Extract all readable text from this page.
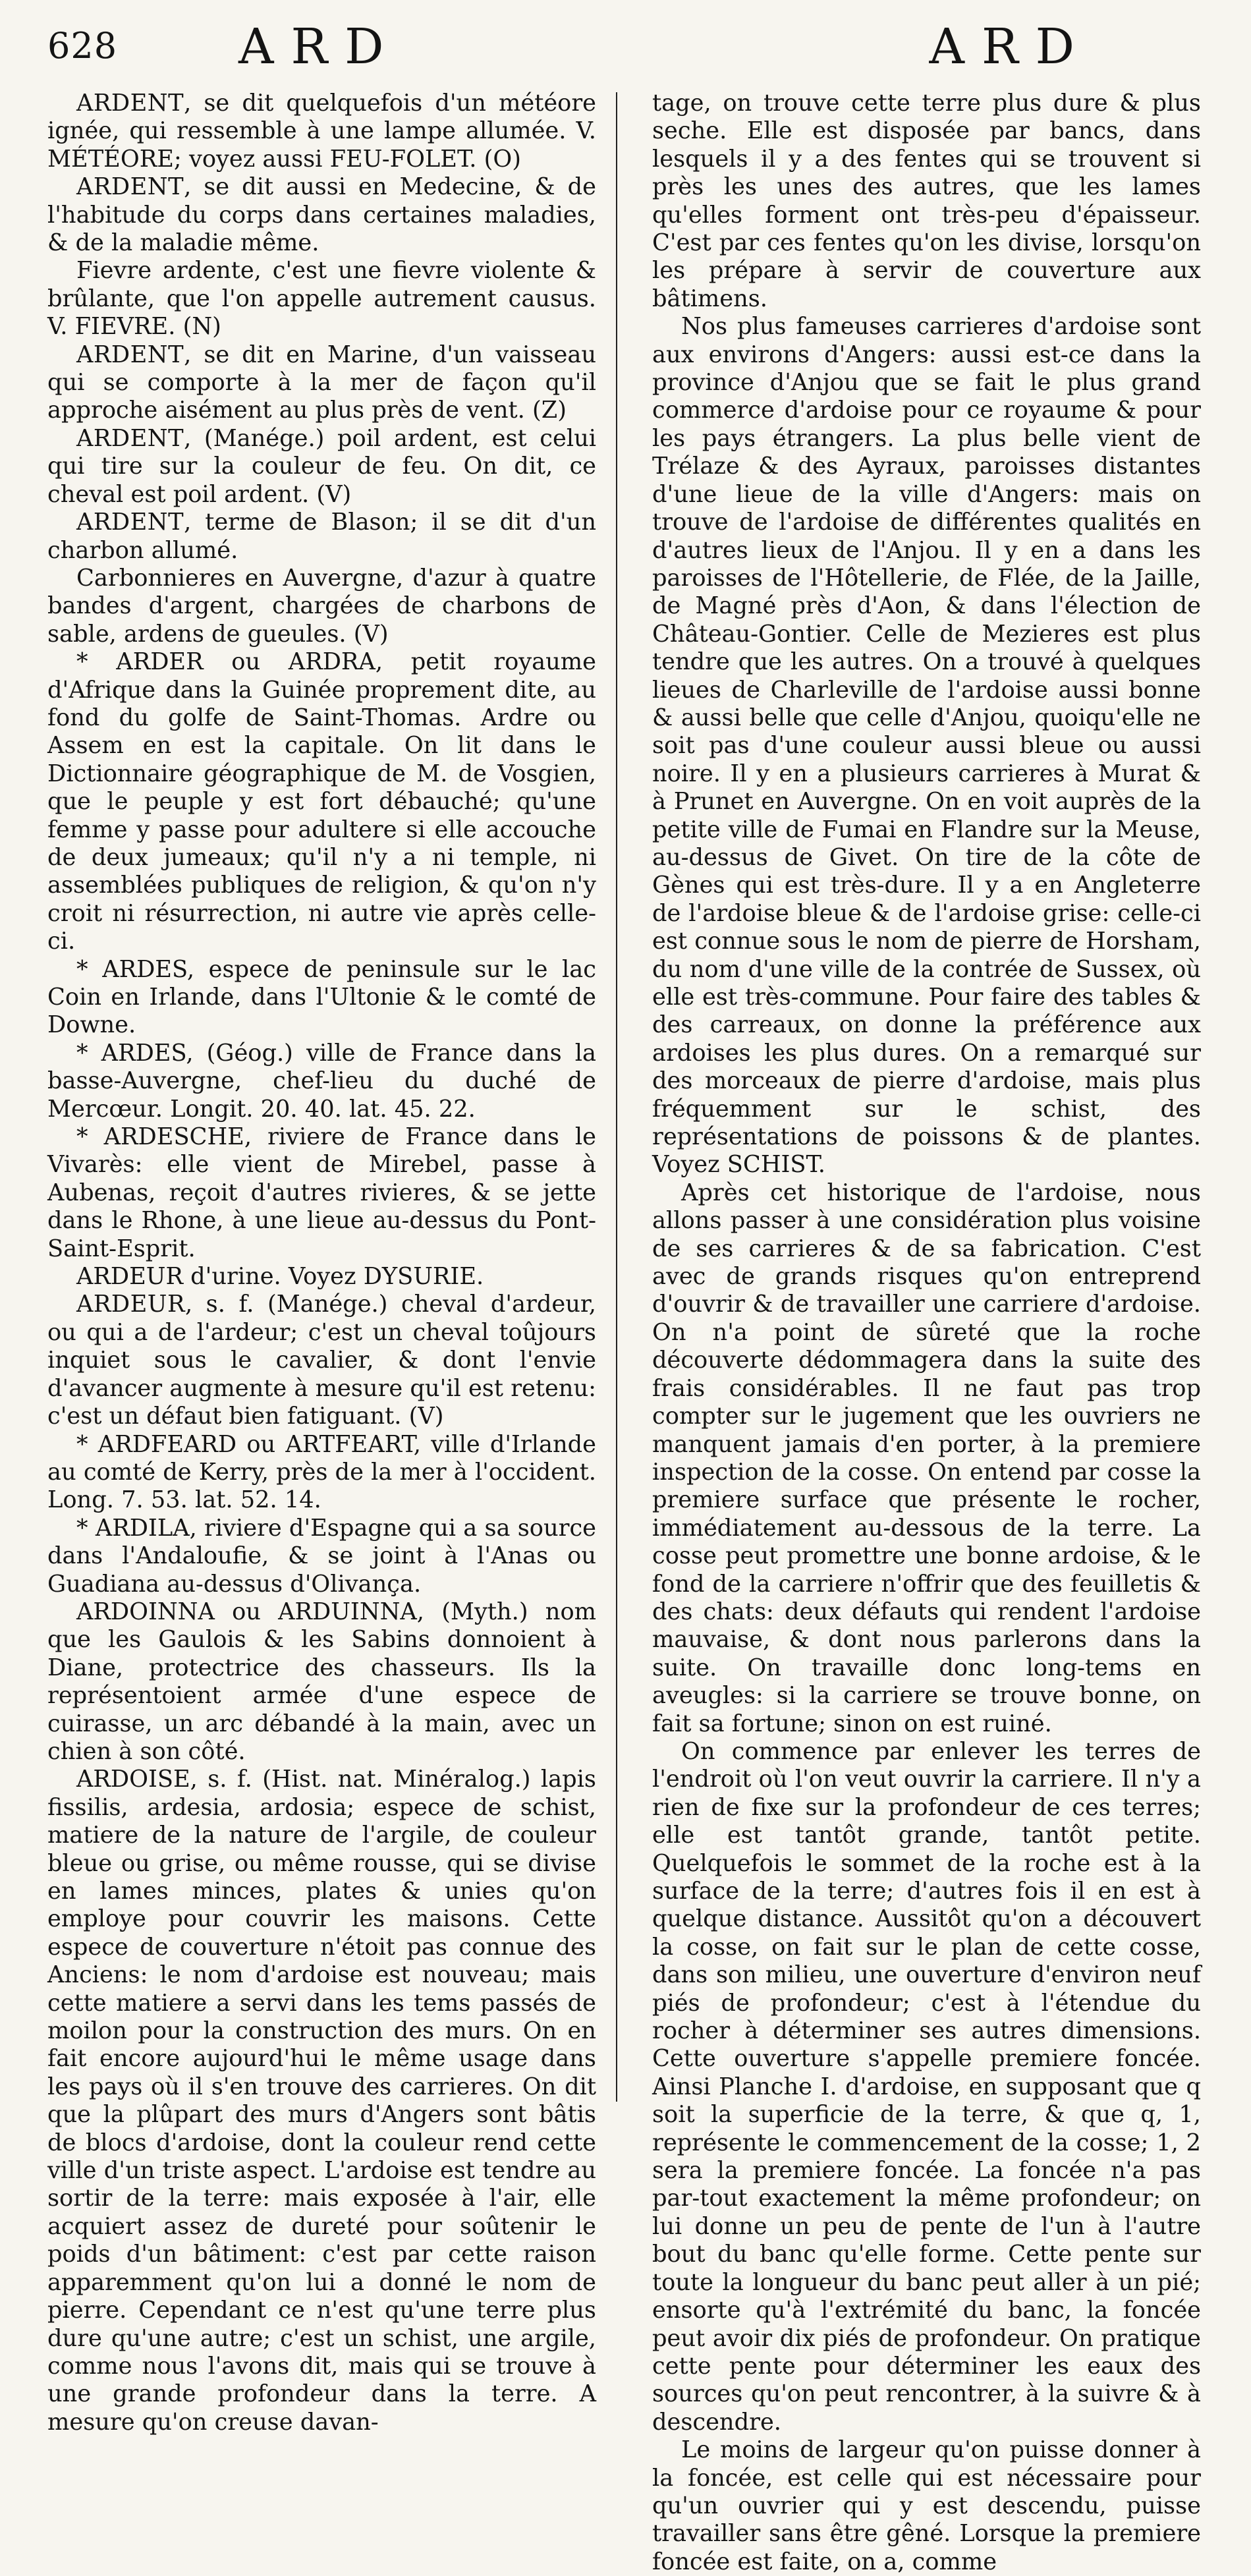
628 ARD	ARD

ARDENT, se dit quelquefois d'un météore ignée, qui ressemble à une lampe allumée. V. MÉTÉORE; voyez aussi FEU-FOLET. (O)

ARDENT, se dit aussi en Medecine, & de l'habitude du corps dans certaines maladies, & de la maladie même.

Fievre ardente, c'est une fievre violente & brûlante, que l'on appelle autrement causus. V. FIEVRE. (N)

ARDENT, se dit en Marine, d'un vaisseau qui se comporte à la mer de façon qu'il approche aisément au plus près de vent. (Z)

ARDENT, (Manége.) poil ardent, est celui qui tire sur la couleur de feu. On dit, ce cheval est poil ardent. (V)

ARDENT, terme de Blason; il se dit d'un charbon allumé.

Carbonnieres en Auvergne, d'azur à quatre bandes d'argent, chargées de charbons de sable, ardens de gueules. (V)

* ARDER ou ARDRA, petit royaume d'Afrique dans la Guinée proprement dite, au fond du golfe de Saint-Thomas. Ardre ou Assem en est la capitale. On lit dans le Dictionnaire géographique de M. de Vosgien, que le peuple y est fort débauché; qu'une femme y passe pour adultere si elle accouche de deux jumeaux; qu'il n'y a ni temple, ni assemblées publiques de religion, & qu'on n'y croit ni résurrection, ni autre vie après celle-ci.

* ARDES, espece de peninsule sur le lac Coin en Irlande, dans l'Ultonie & le comté de Downe.

* ARDES, (Géog.) ville de France dans la basse-Auvergne, chef-lieu du duché de Mercœur. Longit. 20. 40. lat. 45. 22.

* ARDESCHE, riviere de France dans le Vivarès: elle vient de Mirebel, passe à Aubenas, reçoit d'autres rivieres, & se jette dans le Rhone, à une lieue au-dessus du Pont-Saint-Esprit.

ARDEUR d'urine. Voyez DYSURIE.

ARDEUR, s. f. (Manége.) cheval d'ardeur, ou qui a de l'ardeur; c'est un cheval toûjours inquiet sous le cavalier, & dont l'envie d'avancer augmente à mesure qu'il est retenu: c'est un défaut bien fatiguant. (V)

* ARDFEARD ou ARTFEART, ville d'Irlande au comté de Kerry, près de la mer à l'occident. Long. 7. 53. lat. 52. 14.

* ARDILA, riviere d'Espagne qui a sa source dans l'Andaloufie, & se joint à l'Anas ou Guadiana au-dessus d'Olivança.

ARDOINNA ou ARDUINNA, (Myth.) nom que les Gaulois & les Sabins donnoient à Diane, protectrice des chasseurs. Ils la représentoient armée d'une espece de cuirasse, un arc débandé à la main, avec un chien à son côté.

ARDOISE, s. f. (Hist. nat. Minéralog.) lapis fissilis, ardesia, ardosia; espece de schist, matiere de la nature de l'argile, de couleur bleue ou grise, ou même rousse, qui se divise en lames minces, plates & unies qu'on employe pour couvrir les maisons. Cette espece de couverture n'étoit pas connue des Anciens: le nom d'ardoise est nouveau; mais cette matiere a servi dans les tems passés de moilon pour la construction des murs. On en fait encore aujourd'hui le même usage dans les pays où il s'en trouve des carrieres. On dit que la plûpart des murs d'Angers sont bâtis de blocs d'ardoise, dont la couleur rend cette ville d'un triste aspect. L'ardoise est tendre au sortir de la terre: mais exposée à l'air, elle acquiert assez de dureté pour soûtenir le poids d'un bâtiment: c'est par cette raison apparemment qu'on lui a donné le nom de pierre. Cependant ce n'est qu'une terre plus dure qu'une autre; c'est un schist, une argile, comme nous l'avons dit, mais qui se trouve à une grande profondeur dans la terre. A mesure qu'on creuse davan-

tage, on trouve cette terre plus dure & plus seche. Elle est disposée par bancs, dans lesquels il y a des fentes qui se trouvent si près les unes des autres, que les lames qu'elles forment ont très-peu d'épaisseur. C'est par ces fentes qu'on les divise, lorsqu'on les prépare à servir de couverture aux bâtimens.

Nos plus fameuses carrieres d'ardoise sont aux environs d'Angers: aussi est-ce dans la province d'Anjou que se fait le plus grand commerce d'ardoise pour ce royaume & pour les pays étrangers. La plus belle vient de Trélaze & des Ayraux, paroisses distantes d'une lieue de la ville d'Angers: mais on trouve de l'ardoise de différentes qualités en d'autres lieux de l'Anjou. Il y en a dans les paroisses de l'Hôtellerie, de Flée, de la Jaille, de Magné près d'Aon, & dans l'élection de Château-Gontier. Celle de Mezieres est plus tendre que les autres. On a trouvé à quelques lieues de Charleville de l'ardoise aussi bonne & aussi belle que celle d'Anjou, quoiqu'elle ne soit pas d'une couleur aussi bleue ou aussi noire. Il y en a plusieurs carrieres à Murat & à Prunet en Auvergne. On en voit auprès de la petite ville de Fumai en Flandre sur la Meuse, au-dessus de Givet. On tire de la côte de Gènes qui est très-dure. Il y a en Angleterre de l'ardoise bleue & de l'ardoise grise: celle-ci est connue sous le nom de pierre de Horsham, du nom d'une ville de la contrée de Sussex, où elle est très-commune. Pour faire des tables & des carreaux, on donne la préférence aux ardoises les plus dures. On a remarqué sur des morceaux de pierre d'ardoise, mais plus fréquemment sur le schist, des représentations de poissons & de plantes. Voyez SCHIST.

Après cet historique de l'ardoise, nous allons passer à une considération plus voisine de ses carrieres & de sa fabrication. C'est avec de grands risques qu'on entreprend d'ouvrir & de travailler une carriere d'ardoise. On n'a point de sûreté que la roche découverte dédommagera dans la suite des frais considérables. Il ne faut pas trop compter sur le jugement que les ouvriers ne manquent jamais d'en porter, à la premiere inspection de la cosse. On entend par cosse la premiere surface que présente le rocher, immédiatement au-dessous de la terre. La cosse peut promettre une bonne ardoise, & le fond de la carriere n'offrir que des feuilletis & des chats: deux défauts qui rendent l'ardoise mauvaise, & dont nous parlerons dans la suite. On travaille donc long-tems en aveugles: si la carriere se trouve bonne, on fait sa fortune; sinon on est ruiné.

On commence par enlever les terres de l'endroit où l'on veut ouvrir la carriere. Il n'y a rien de fixe sur la profondeur de ces terres; elle est tantôt grande, tantôt petite. Quelquefois le sommet de la roche est à la surface de la terre; d'autres fois il en est à quelque distance. Aussitôt qu'on a découvert la cosse, on fait sur le plan de cette cosse, dans son milieu, une ouverture d'environ neuf piés de profondeur; c'est à l'étendue du rocher à déterminer ses autres dimensions. Cette ouverture s'appelle premiere foncée. Ainsi Planche I. d'ardoise, en supposant que q soit la superficie de la terre, & que q, 1, représente le commencement de la cosse; 1, 2 sera la premiere foncée. La foncée n'a pas par-tout exactement la même profondeur; on lui donne un peu de pente de l'un à l'autre bout du banc qu'elle forme. Cette pente sur toute la longueur du banc peut aller à un pié; ensorte qu'à l'extrémité du banc, la foncée peut avoir dix piés de profondeur. On pratique cette pente pour déterminer les eaux des sources qu'on peut rencontrer, à la suivre & à descendre.

Le moins de largeur qu'on puisse donner à la foncée, est celle qui est nécessaire pour qu'un ouvrier qui y est descendu, puisse travailler sans être gêné. Lorsque la premiere foncée est faite, on a, comme
